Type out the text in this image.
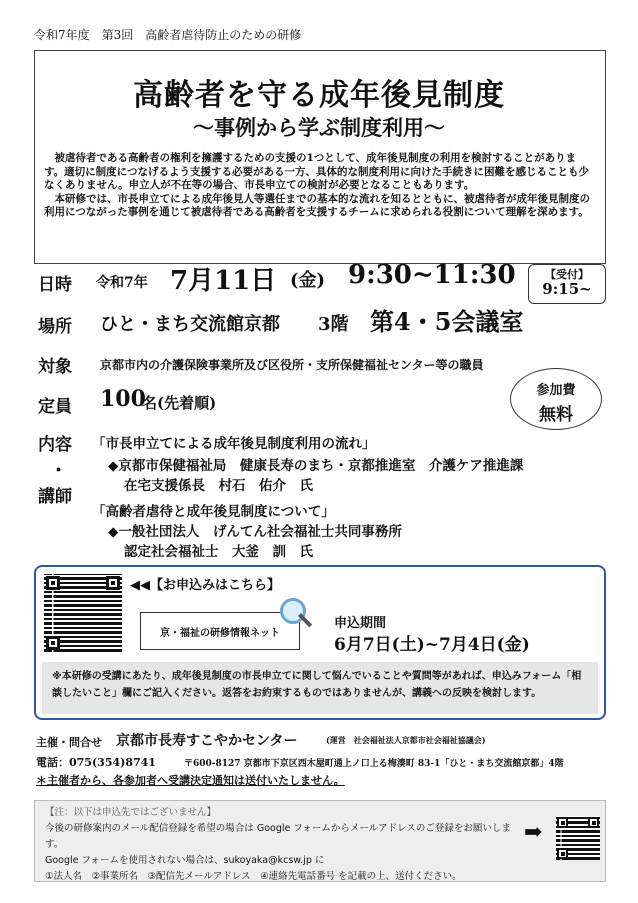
令和7年度　第3回　高齢者虐待防止のための研修
高齢者を守る成年後見制度
～事例から学ぶ制度利用～

被虐待者である高齢者の権利を擁護するための支援の1つとして、成年後見制度の利用を検討することがあります。適切に制度につなげるよう支援する必要がある一方、具体的な制度利用に向けた手続きに困難を感じることも少なくありません。申立人が不在等の場合、市長申立ての検討が必要となることもあります。

本研修では、市長申立てによる成年後見人等選任までの基本的な流れを知るとともに、被虐待者が成年後見制度の利用につながった事例を通じて被虐待者である高齢者を支援するチームに求められる役割について理解を深めます。

日時 令和7年 7月11日 (金) 9:30~11:30	【受付】
9:15~
場所 ひと・まち交流館京都 3階 第4・5会議室
対象 京都市内の介護保険事業所及び区役所・支所保健福祉センター等の職員
定員 100
名(先着順)
参加費
無料
内容
・
講師
「市長申立てによる成年後見制度利用の流れ」
◆京都市保健福祉局　健康長寿のまち・京都推進室　介護ケア推進課
在宅支援係長　村石　佑介　氏
「高齢者虐待と成年後見制度について」
◆一般社団法人　げんてん社会福祉士共同事務所
認定社会福祉士　大釜　訓　氏
◀◀【お申込みはこちら】
京・福祉の研修情報ネット
申込期間
6月7日(土)~7月4日(金)
※本研修の受講にあたり、成年後見制度の市長申立てに関して悩んでいることや質問等があれば、申込みフォーム「相談したいこと」欄にご記入ください。返答をお約束するものではありませんが、講義への反映を検討します。
主催・問合せ 京都市長寿すこやかセンター	(運営　社会福祉法人京都市社会福祉協議会)
電話：075(354)8741	〒600-8127 京都市下京区西木屋町通上ノ口上る梅湊町 83-1「ひと・まち交流館京都」4階
＊主催者から、各参加者へ受講決定通知は送付いたしません。
【注：以下は申込先ではございません】
今後の研修案内のメール配信登録を希望の場合は Google フォームからメールアドレスのご登録をお願いします。
Google フォームを使用されない場合は、sukoyaka@kcsw.jp に
①法人名　②事業所名　③配信先メールアドレス　④連絡先電話番号 を記載の上、送付ください。
➡
